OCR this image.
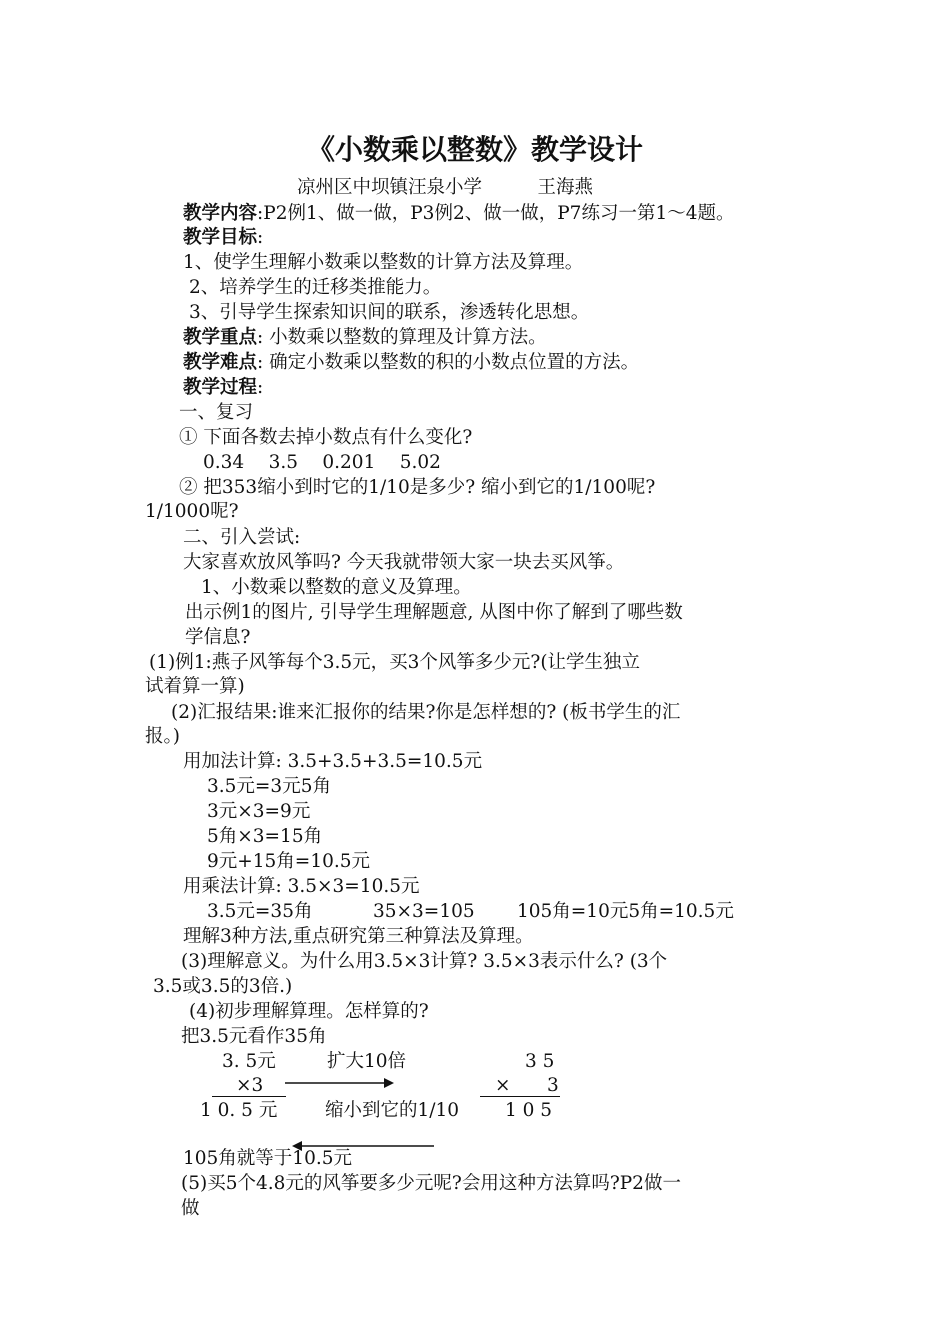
《小数乘以整数》教学设计
凉州区中坝镇汪泉小学　　　王海燕
教学内容:P2例1、做一做，P3例2、做一做，P7练习一第1～4题。
教学目标:
1、使学生理解小数乘以整数的计算方法及算理。
2、培养学生的迁移类推能力。
3、引导学生探索知识间的联系，渗透转化思想。
教学重点: 小数乘以整数的算理及计算方法。
教学难点: 确定小数乘以整数的积的小数点位置的方法。
教学过程:
一、复习
① 下面各数去掉小数点有什么变化?
0.34　 3.5　 0.201　 5.02
② 把353缩小到时它的1/10是多少? 缩小到它的1/100呢?
1/1000呢?
二、引入尝试:
大家喜欢放风筝吗? 今天我就带领大家一块去买风筝。
1、小数乘以整数的意义及算理。
出示例1的图片, 引导学生理解题意, 从图中你了解到了哪些数
学信息?
(1)例1:燕子风筝每个3.5元，买3个风筝多少元?(让学生独立
试着算一算)
(2)汇报结果:谁来汇报你的结果?你是怎样想的? (板书学生的汇
报。)
用加法计算: 3.5+3.5+3.5=10.5元
3.5元=3元5角
3元×3=9元
5角×3=15角
9元+15角=10.5元
用乘法计算: 3.5×3=10.5元
3.5元=35角	35×3=105 105角=10元5角=10.5元
理解3种方法,重点研究第三种算法及算理。
(3)理解意义。为什么用3.5×3计算? 3.5×3表示什么? (3个
3.5或3.5的3倍.)
(4)初步理解算理。怎样算的?
把3.5元看作35角
3. 5元	扩大10倍	3 5
×3	× 3
1 0. 5 元	缩小到它的1/10 1 0 5
105角就等于10.5元
(5)买5个4.8元的风筝要多少元呢?会用这种方法算吗?P2做一
做
